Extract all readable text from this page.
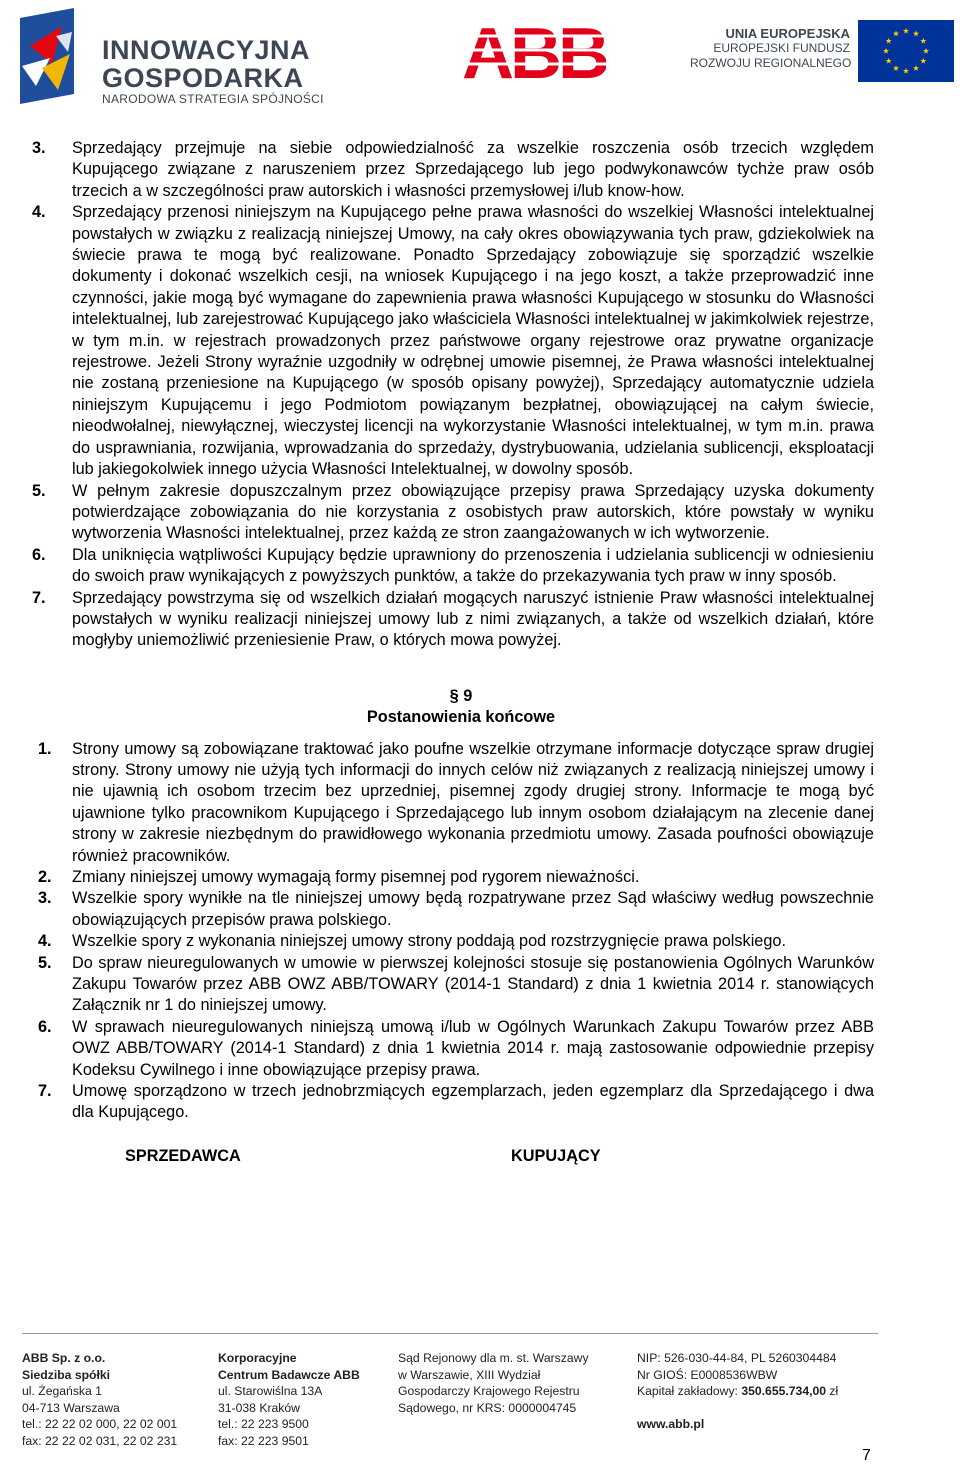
INNOWACYJNA
GOSPODARKA
NARODOWA STRATEGIA SPÓJNOŚCI
ABB	UNIA EUROPEJSKA
EUROPEJSKI FUNDUSZ
ROZWOJU REGIONALNEGO
3. Sprzedający przejmuje na siebie odpowiedzialność za wszelkie roszczenia osób trzecich względem Kupującego związane z naruszeniem przez Sprzedającego lub jego podwykonawców tychże praw osób trzecich a w szczególności praw autorskich i własności przemysłowej i/lub know-how.
4. Sprzedający przenosi niniejszym na Kupującego pełne prawa własności do wszelkiej Własności intelektualnej powstałych w związku z realizacją niniejszej Umowy, na cały okres obowiązywania tych praw, gdziekolwiek na świecie prawa te mogą być realizowane. Ponadto Sprzedający zobowiązuje się sporządzić wszelkie dokumenty i dokonać wszelkich cesji, na wniosek Kupującego i na jego koszt, a także przeprowadzić inne czynności, jakie mogą być wymagane do zapewnienia prawa własności Kupującego w stosunku do Własności intelektualnej, lub zarejestrować Kupującego jako właściciela Własności intelektualnej w jakimkolwiek rejestrze, w tym m.in. w rejestrach prowadzonych przez państwowe organy rejestrowe oraz prywatne organizacje rejestrowe. Jeżeli Strony wyraźnie uzgodniły w odrębnej umowie pisemnej, że Prawa własności intelektualnej nie zostaną przeniesione na Kupującego (w sposób opisany powyżej), Sprzedający automatycznie udziela niniejszym Kupującemu i jego Podmiotom powiązanym bezpłatnej, obowiązującej na całym świecie, nieodwołalnej, niewyłącznej, wieczystej licencji na wykorzystanie Własności intelektualnej, w tym m.in. prawa do usprawniania, rozwijania, wprowadzania do sprzedaży, dystrybuowania, udzielania sublicencji, eksploatacji lub jakiegokolwiek innego użycia Własności Intelektualnej, w dowolny sposób.
5. W pełnym zakresie dopuszczalnym przez obowiązujące przepisy prawa Sprzedający uzyska dokumenty potwierdzające zobowiązania do nie korzystania z osobistych praw autorskich, które powstały w wyniku wytworzenia Własności intelektualnej, przez każdą ze stron zaangażowanych w ich wytworzenie.
6. Dla uniknięcia wątpliwości Kupujący będzie uprawniony do przenoszenia i udzielania sublicencji w odniesieniu do swoich praw wynikających z powyższych punktów, a także do przekazywania tych praw w inny sposób.
7. Sprzedający powstrzyma się od wszelkich działań mogących naruszyć istnienie Praw własności intelektualnej powstałych w wyniku realizacji niniejszej umowy lub z nimi związanych, a także od wszelkich działań, które mogłyby uniemożliwić przeniesienie Praw, o których mowa powyżej.
§ 9
Postanowienia końcowe
1. Strony umowy są zobowiązane traktować jako poufne wszelkie otrzymane informacje dotyczące spraw drugiej strony. Strony umowy nie użyją tych informacji do innych celów niż związanych z realizacją niniejszej umowy i nie ujawnią ich osobom trzecim bez uprzedniej, pisemnej zgody drugiej strony. Informacje te mogą być ujawnione tylko pracownikom Kupującego i Sprzedającego lub innym osobom działającym na zlecenie danej strony w zakresie niezbędnym do prawidłowego wykonania przedmiotu umowy. Zasada poufności obowiązuje również pracowników.
2. Zmiany niniejszej umowy wymagają formy pisemnej pod rygorem nieważności.
3. Wszelkie spory wynikłe na tle niniejszej umowy będą rozpatrywane przez Sąd właściwy według powszechnie obowiązujących przepisów prawa polskiego.
4. Wszelkie spory z wykonania niniejszej umowy strony poddają pod rozstrzygnięcie prawa polskiego.
5. Do spraw nieuregulowanych w umowie w pierwszej kolejności stosuje się postanowienia Ogólnych Warunków Zakupu Towarów przez ABB OWZ ABB/TOWARY (2014-1 Standard) z dnia 1 kwietnia 2014 r. stanowiących Załącznik nr 1 do niniejszej umowy.
6. W sprawach nieuregulowanych niniejszą umową i/lub w Ogólnych Warunkach Zakupu Towarów przez ABB OWZ ABB/TOWARY (2014-1 Standard) z dnia 1 kwietnia 2014 r. mają zastosowanie odpowiednie przepisy Kodeksu Cywilnego i inne obowiązujące przepisy prawa.
7. Umowę sporządzono w trzech jednobrzmiących egzemplarzach, jeden egzemplarz dla Sprzedającego i dwa dla Kupującego.
SPRZEDAWCA	KUPUJĄCY
ABB Sp. z o.o.
Siedziba spółki
ul. Żegańska 1
04-713 Warszawa
tel.: 22 22 02 000, 22 02 001
fax: 22 22 02 031, 22 02 231
Korporacyjne
Centrum Badawcze ABB
ul. Starowiślna 13A
31-038 Kraków
tel.: 22 223 9500
fax: 22 223 9501
Sąd Rejonowy dla m. st. Warszawy
w Warszawie, XIII Wydział
Gospodarczy Krajowego Rejestru
Sądowego, nr KRS: 0000004745
NIP: 526-030-44-84, PL 5260304484
Nr GIOŚ: E0008536WBW
Kapitał zakładowy: 350.655.734,00 zł
www.abb.pl
7
